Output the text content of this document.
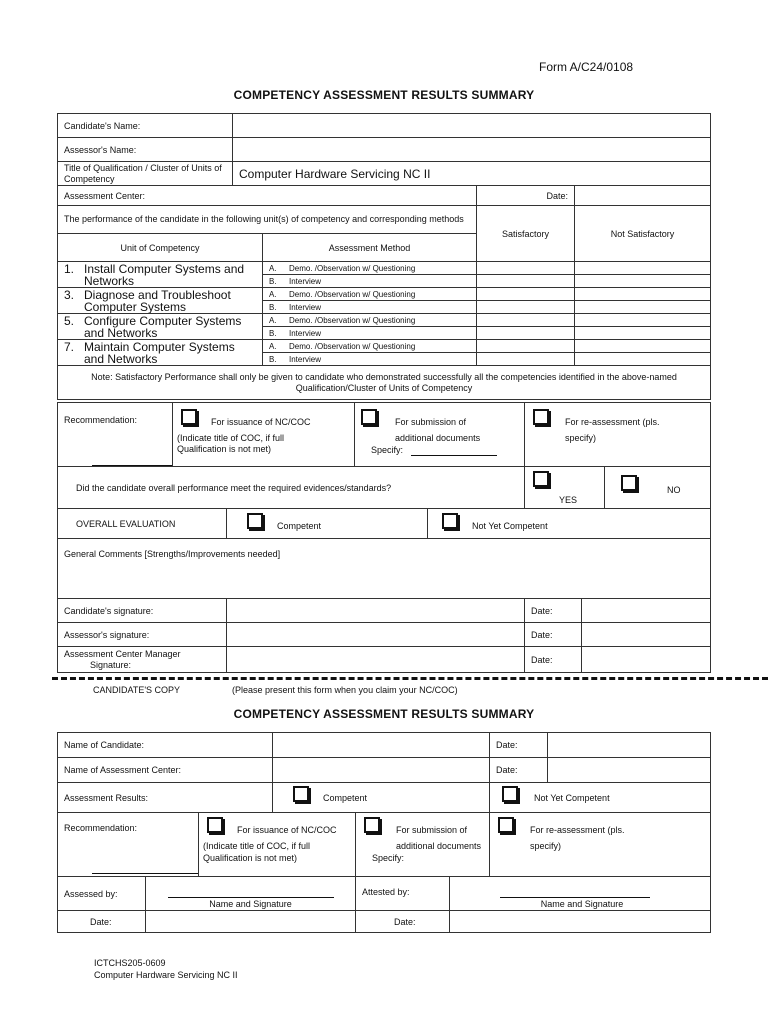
Form A/C24/0108
COMPETENCY ASSESSMENT RESULTS SUMMARY
Candidate's Name:			
Assessor's Name:			
Title of Qualification / Cluster of Units of Competency	Computer Hardware Servicing NC II		
Assessment Center:		Date:	
The performance of the candidate in the following unit(s) of competency and corresponding methods		Satisfactory	Not Satisfactory
Unit of Competency	Assessment Method		
1. Install Computer Systems and
Networks	A. Demo. /Observation w/ Questioning		
	B. Interview		
3. Diagnose and Troubleshoot
Computer Systems	A. Demo. /Observation w/ Questioning		
	B. Interview		
5. Configure Computer Systems
and Networks	A. Demo. /Observation w/ Questioning		
	B. Interview		
7. Maintain Computer Systems
and Networks	A. Demo. /Observation w/ Questioning		
	B. Interview		
Note: Satisfactory Performance shall only be given to candidate who demonstrated successfully all the competencies identified in the above-named Qualification/Cluster of Units of Competency			
Recommendation:	For issuance of NC/COC
(Indicate title of COC, if full
Qualification is not met)		For submission of
additional documents
Specify:		For re-assessment (pls.
specify)		

Did the candidate overall performance meet the required evidences/standards?					YES		NO

OVERALL EVALUATION		Competent		Not Yet Competent			

General Comments [Strengths/Improvements needed]							
Candidate's signature:					Date:		
Assessor's signature:					Date:		
Assessment Center Manager
Signature:					Date:		
CANDIDATE'S COPY	(Please present this form when you claim your NC/COC)
COMPETENCY ASSESSMENT RESULTS SUMMARY
Name of Candidate:						Date:	
Name of Assessment Center:						Date:	
Assessment Results:			Competent			Not Yet Competent	

Recommendation:		For issuance of NC/COC
(Indicate title of COC, if full
Qualification is not met)		For submission of
additional documents
Specify:		For re-assessment (pls.
specify)	

Assessed by:	Name and Signature			Attested by:	Name and Signature		

Date:				Date:			
ICTCHS205-0609
Computer Hardware Servicing NC II
